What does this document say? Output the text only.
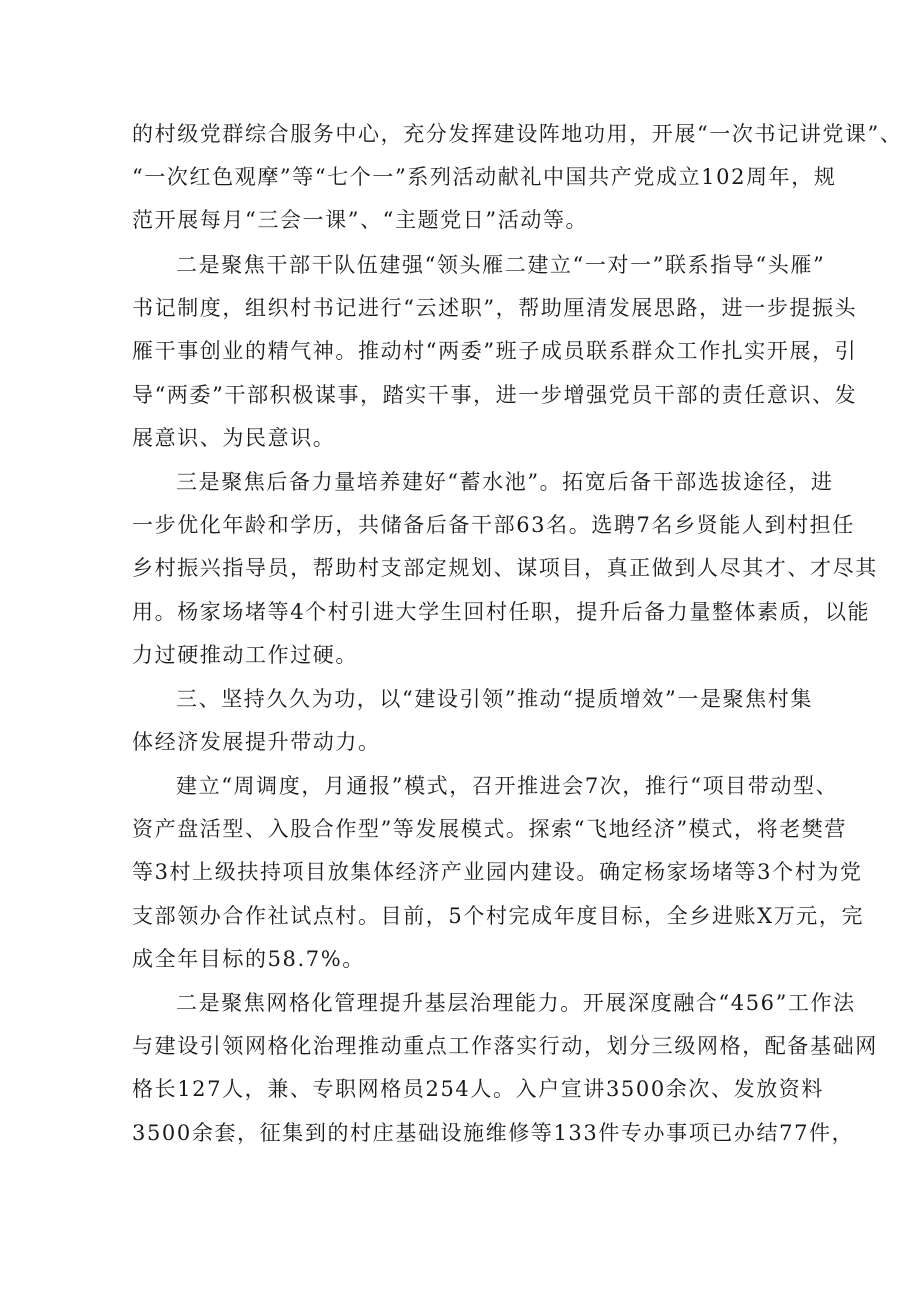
的村级党群综合服务中心，充分发挥建设阵地功用，开展“一次书记讲党课”、
“一次红色观摩”等“七个一”系列活动献礼中国共产党成立102周年，规
范开展每月“三会一课”、“主题党日”活动等。
二是聚焦干部干队伍建强“领头雁二建立“一对一”联系指导“头雁”
书记制度，组织村书记进行“云述职”，帮助厘清发展思路，进一步提振头
雁干事创业的精气神。推动村“两委”班子成员联系群众工作扎实开展，引
导“两委”干部积极谋事，踏实干事，进一步增强党员干部的责任意识、发
展意识、为民意识。
三是聚焦后备力量培养建好“蓄水池”。拓宽后备干部选拔途径，进
一步优化年龄和学历，共储备后备干部63名。选聘7名乡贤能人到村担任
乡村振兴指导员，帮助村支部定规划、谋项目，真正做到人尽其才、才尽其
用。杨家场堵等4个村引进大学生回村任职，提升后备力量整体素质，以能
力过硬推动工作过硬。
三、坚持久久为功，以“建设引领”推动“提质增效”一是聚焦村集
体经济发展提升带动力。
建立“周调度，月通报”模式，召开推进会7次，推行“项目带动型、
资产盘活型、入股合作型”等发展模式。探索“飞地经济”模式，将老樊营
等3村上级扶持项目放集体经济产业园内建设。确定杨家场堵等3个村为党
支部领办合作社试点村。目前，5个村完成年度目标，全乡进账X万元，完
成全年目标的58.7%。
二是聚焦网格化管理提升基层治理能力。开展深度融合“456”工作法
与建设引领网格化治理推动重点工作落实行动，划分三级网格，配备基础网
格长127人，兼、专职网格员254人。入户宣讲3500余次、发放资料
3500余套，征集到的村庄基础设施维修等133件专办事项已办结77件，
